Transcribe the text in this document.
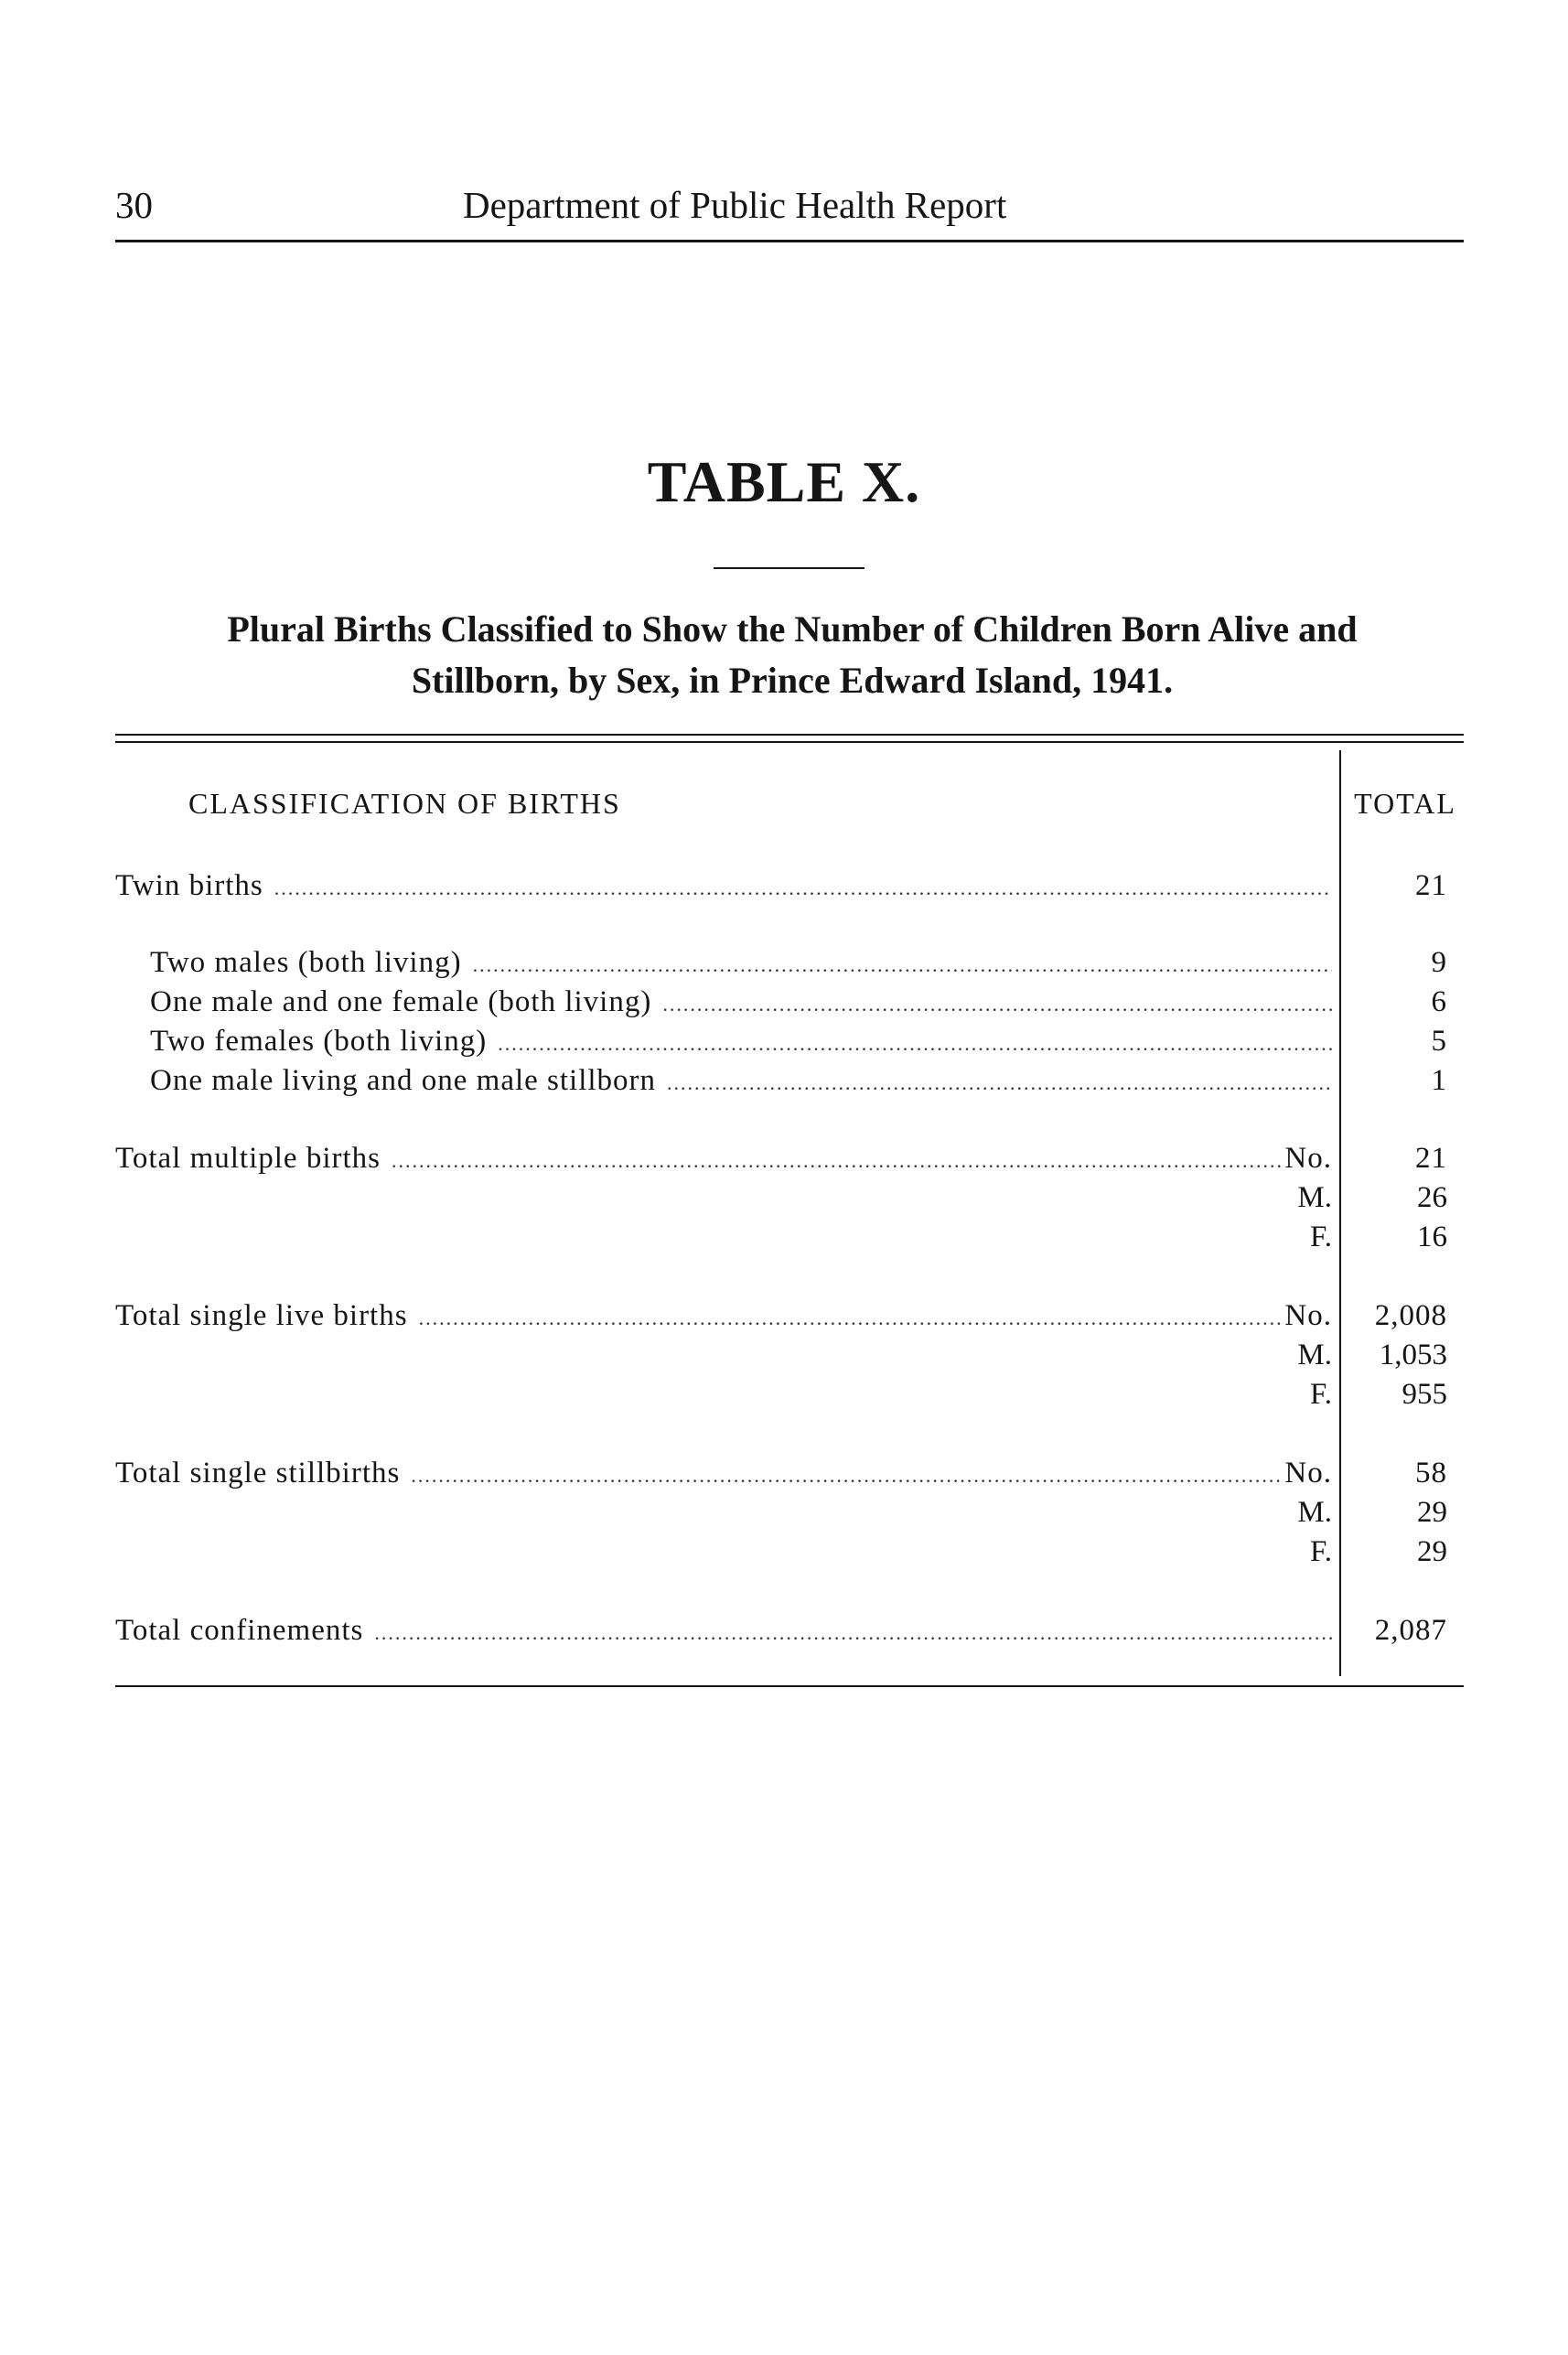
30	Department of Public Health Report
TABLE X.
Plural Births Classified to Show the Number of Children Born Alive and
Stillborn, by Sex, in Prince Edward Island, 1941.
CLASSIFICATION OF BIRTHS	TOTAL
Twin births .....	21
Two males (both living) .....	9
One male and one female (both living) .....	6
Two females (both living) .....	5
One male living and one male stillborn .....	1
Total multiple births .....	No.	21
M.	26
F.	16
Total single live births .....	No.	2,008
M.	1,053
F.	955
Total single stillbirths .....	No.	58
M.	29
F.	29
Total confinements .....	2,087
